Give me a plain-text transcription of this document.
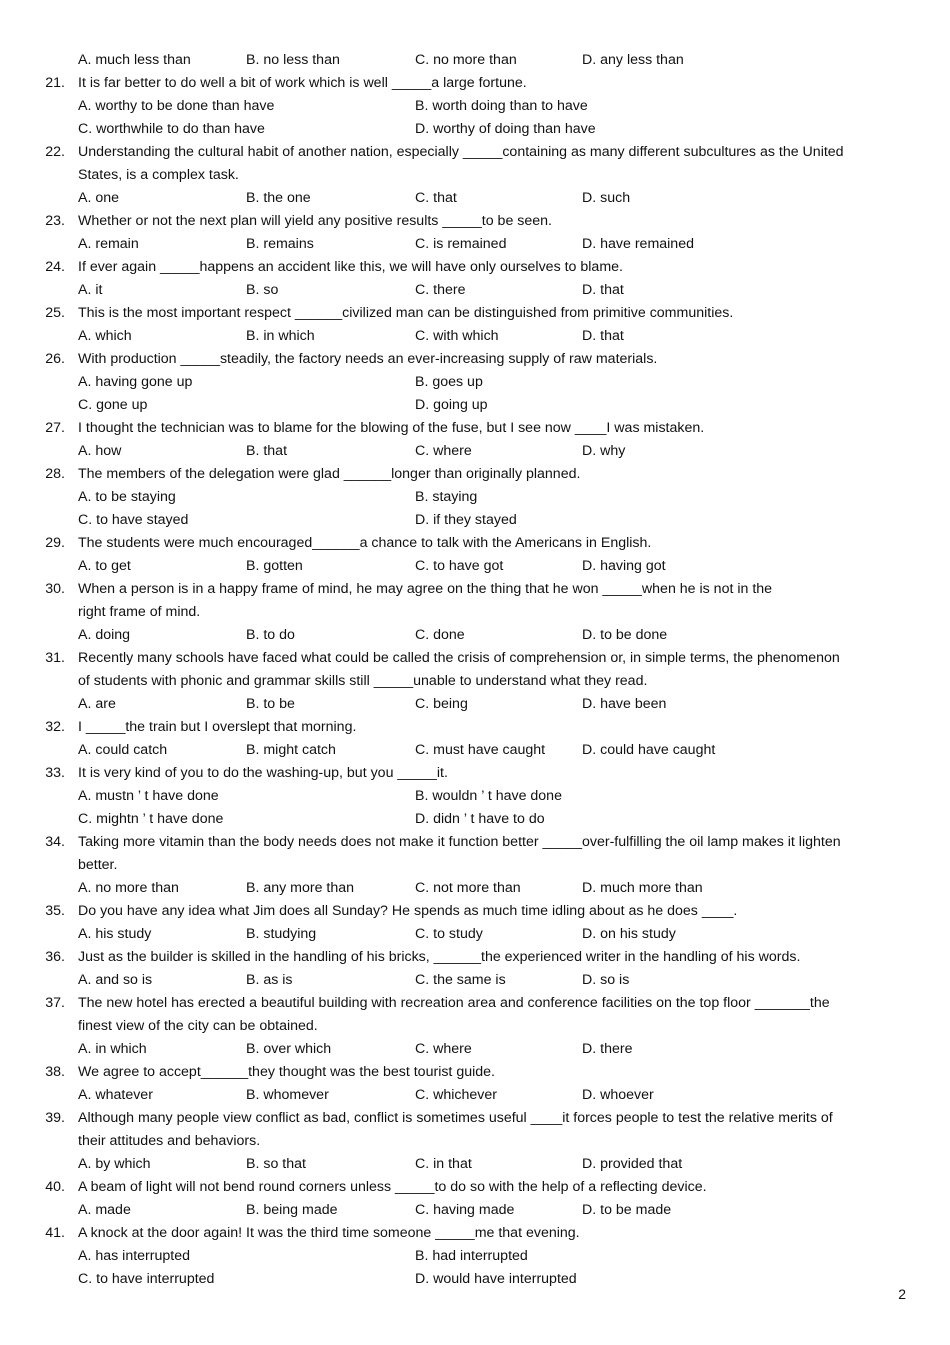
A. much less than	B. no less than	C. no more than	D. any less than
21. It is far better to do well a bit of work which is well _____a large fortune.
A. worthy to be done than have	B. worth doing than to have
C. worthwhile to do than have	D. worthy of doing than have
22. Understanding the cultural habit of another nation, especially _____containing as many different subcultures as the United
States, is a complex task.
A. one	B. the one	C. that	D. such
23. Whether or not the next plan will yield any positive results _____to be seen.
A. remain	B. remains	C. is remained	D. have remained
24. If ever again _____happens an accident like this, we will have only ourselves to blame.
A. it	B. so	C. there	D. that
25. This is the most important respect ______civilized man can be distinguished from primitive communities.
A. which	B. in which	C. with which	D. that
26. With production _____steadily, the factory needs an ever-increasing supply of raw materials.
A. having gone up	B. goes up
C. gone up	D. going up
27. I thought the technician was to blame for the blowing of the fuse, but I see now ____I was mistaken.
A. how	B. that	C. where	D. why
28. The members of the delegation were glad ______longer than originally planned.
A. to be staying	B. staying
C. to have stayed	D. if they stayed
29. The students were much encouraged______a chance to talk with the Americans in English.
A. to get	B. gotten	C. to have got	D. having got
30. When a person is in a happy frame of mind, he may agree on the thing that he won _____when he is not in the
right frame of mind.
A. doing	B. to do	C. done	D. to be done
31. Recently many schools have faced what could be called the crisis of comprehension or, in simple terms, the phenomenon
of students with phonic and grammar skills still _____unable to understand what they read.
A. are	B. to be	C. being	D. have been
32. I _____the train but I overslept that morning.
A. could catch	B. might catch	C. must have caught	D. could have caught
33. It is very kind of you to do the washing-up, but you _____it.
A. mustn ’ t have done	B. wouldn ’ t have done
C. mightn ’ t have done	D. didn ’ t have to do
34. Taking more vitamin than the body needs does not make it function better _____over-fulfilling the oil lamp makes it lighten
better.
A. no more than	B. any more than	C. not more than	D. much more than
35. Do you have any idea what Jim does all Sunday? He spends as much time idling about as he does ____.
A. his study	B. studying	C. to study	D. on his study
36. Just as the builder is skilled in the handling of his bricks, ______the experienced writer in the handling of his words.
A. and so is	B. as is	C. the same is	D. so is
37. The new hotel has erected a beautiful building with recreation area and conference facilities on the top floor _______the
finest view of the city can be obtained.
A. in which	B. over which	C. where	D. there
38. We agree to accept______they thought was the best tourist guide.
A. whatever	B. whomever	C. whichever	D. whoever
39. Although many people view conflict as bad, conflict is sometimes useful ____it forces people to test the relative merits of
their attitudes and behaviors.
A. by which	B. so that	C. in that	D. provided that
40. A beam of light will not bend round corners unless _____to do so with the help of a reflecting device.
A. made	B. being made	C. having made	D. to be made
41. A knock at the door again! It was the third time someone _____me that evening.
A. has interrupted	B. had interrupted
C. to have interrupted	D. would have interrupted
2
